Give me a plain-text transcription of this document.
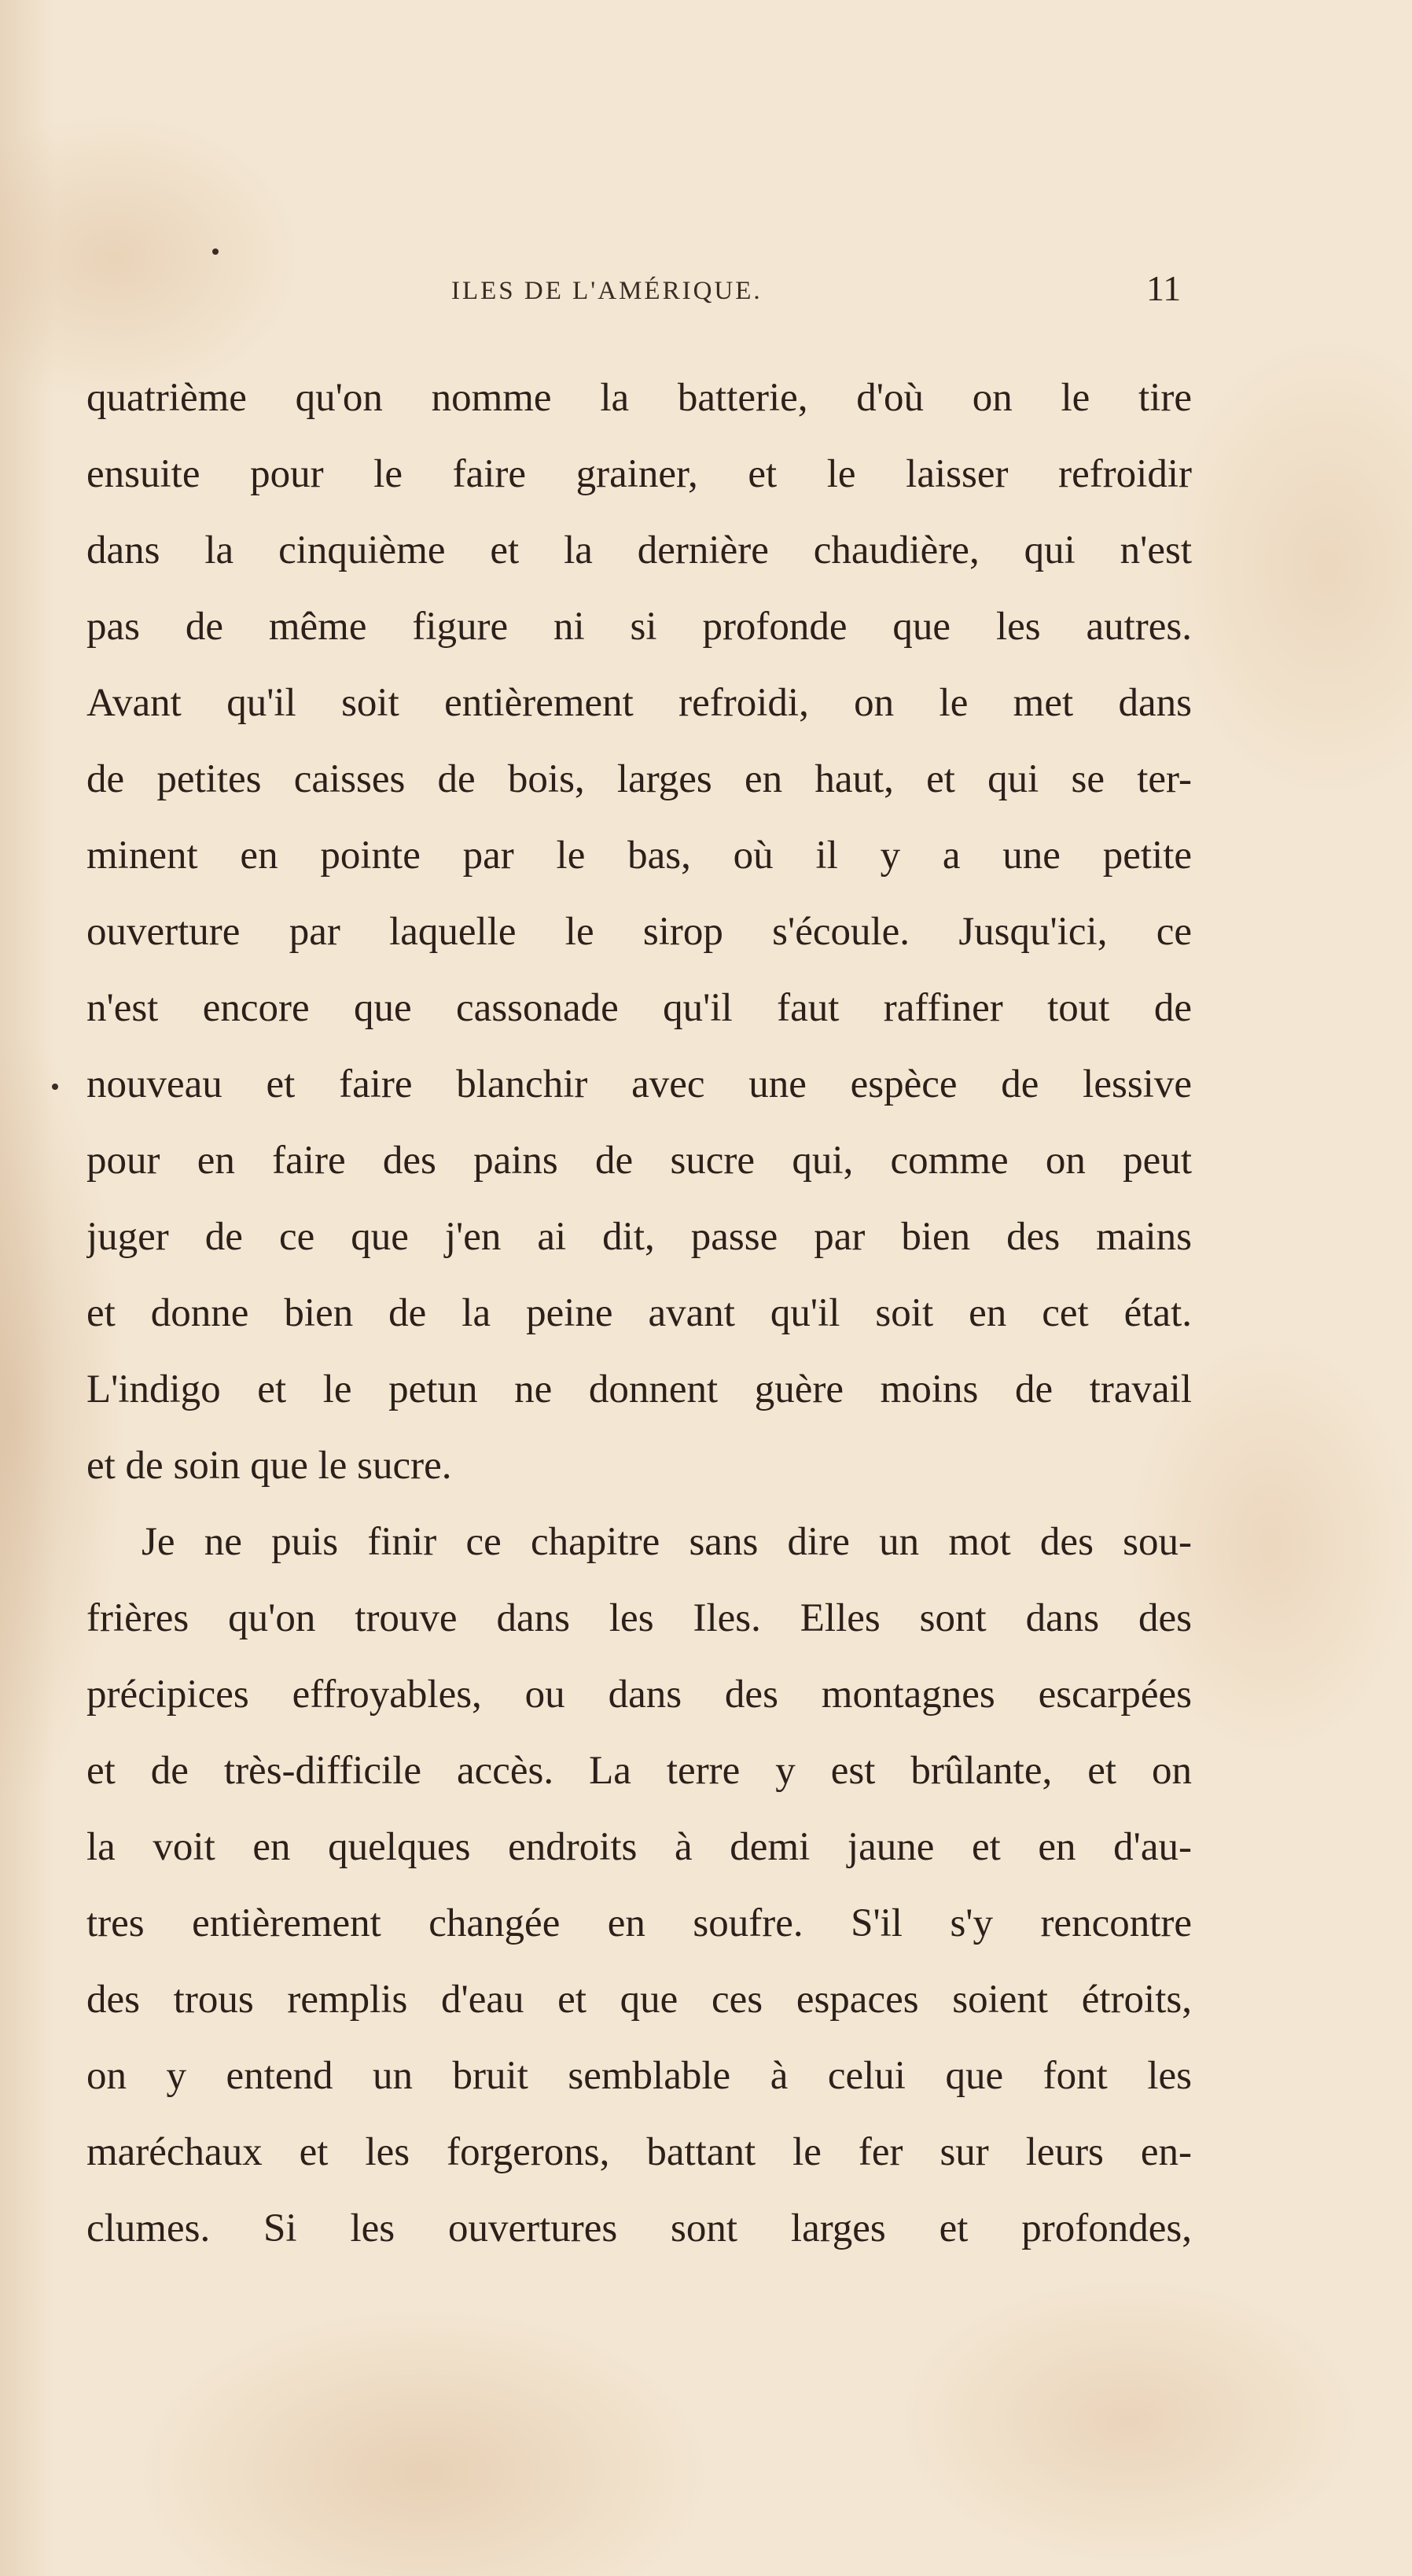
ILES DE L'AMÉRIQUE.	11
quatrième qu'on nomme la batterie, d'où on le tire
ensuite pour le faire grainer, et le laisser refroidir
dans la cinquième et la dernière chaudière, qui n'est
pas de même figure ni si profonde que les autres.
Avant qu'il soit entièrement refroidi, on le met dans
de petites caisses de bois, larges en haut, et qui se ter-
minent en pointe par le bas, où il y a une petite
ouverture par laquelle le sirop s'écoule. Jusqu'ici, ce
n'est encore que cassonade qu'il faut raffiner tout de
nouveau et faire blanchir avec une espèce de lessive
pour en faire des pains de sucre qui, comme on peut
juger de ce que j'en ai dit, passe par bien des mains
et donne bien de la peine avant qu'il soit en cet état.
L'indigo et le petun ne donnent guère moins de travail
et de soin que le sucre.
Je ne puis finir ce chapitre sans dire un mot des sou-
frières qu'on trouve dans les Iles. Elles sont dans des
précipices effroyables, ou dans des montagnes escarpées
et de très-difficile accès. La terre y est brûlante, et on
la voit en quelques endroits à demi jaune et en d'au-
tres entièrement changée en soufre. S'il s'y rencontre
des trous remplis d'eau et que ces espaces soient étroits,
on y entend un bruit semblable à celui que font les
maréchaux et les forgerons, battant le fer sur leurs en-
clumes. Si les ouvertures sont larges et profondes,
